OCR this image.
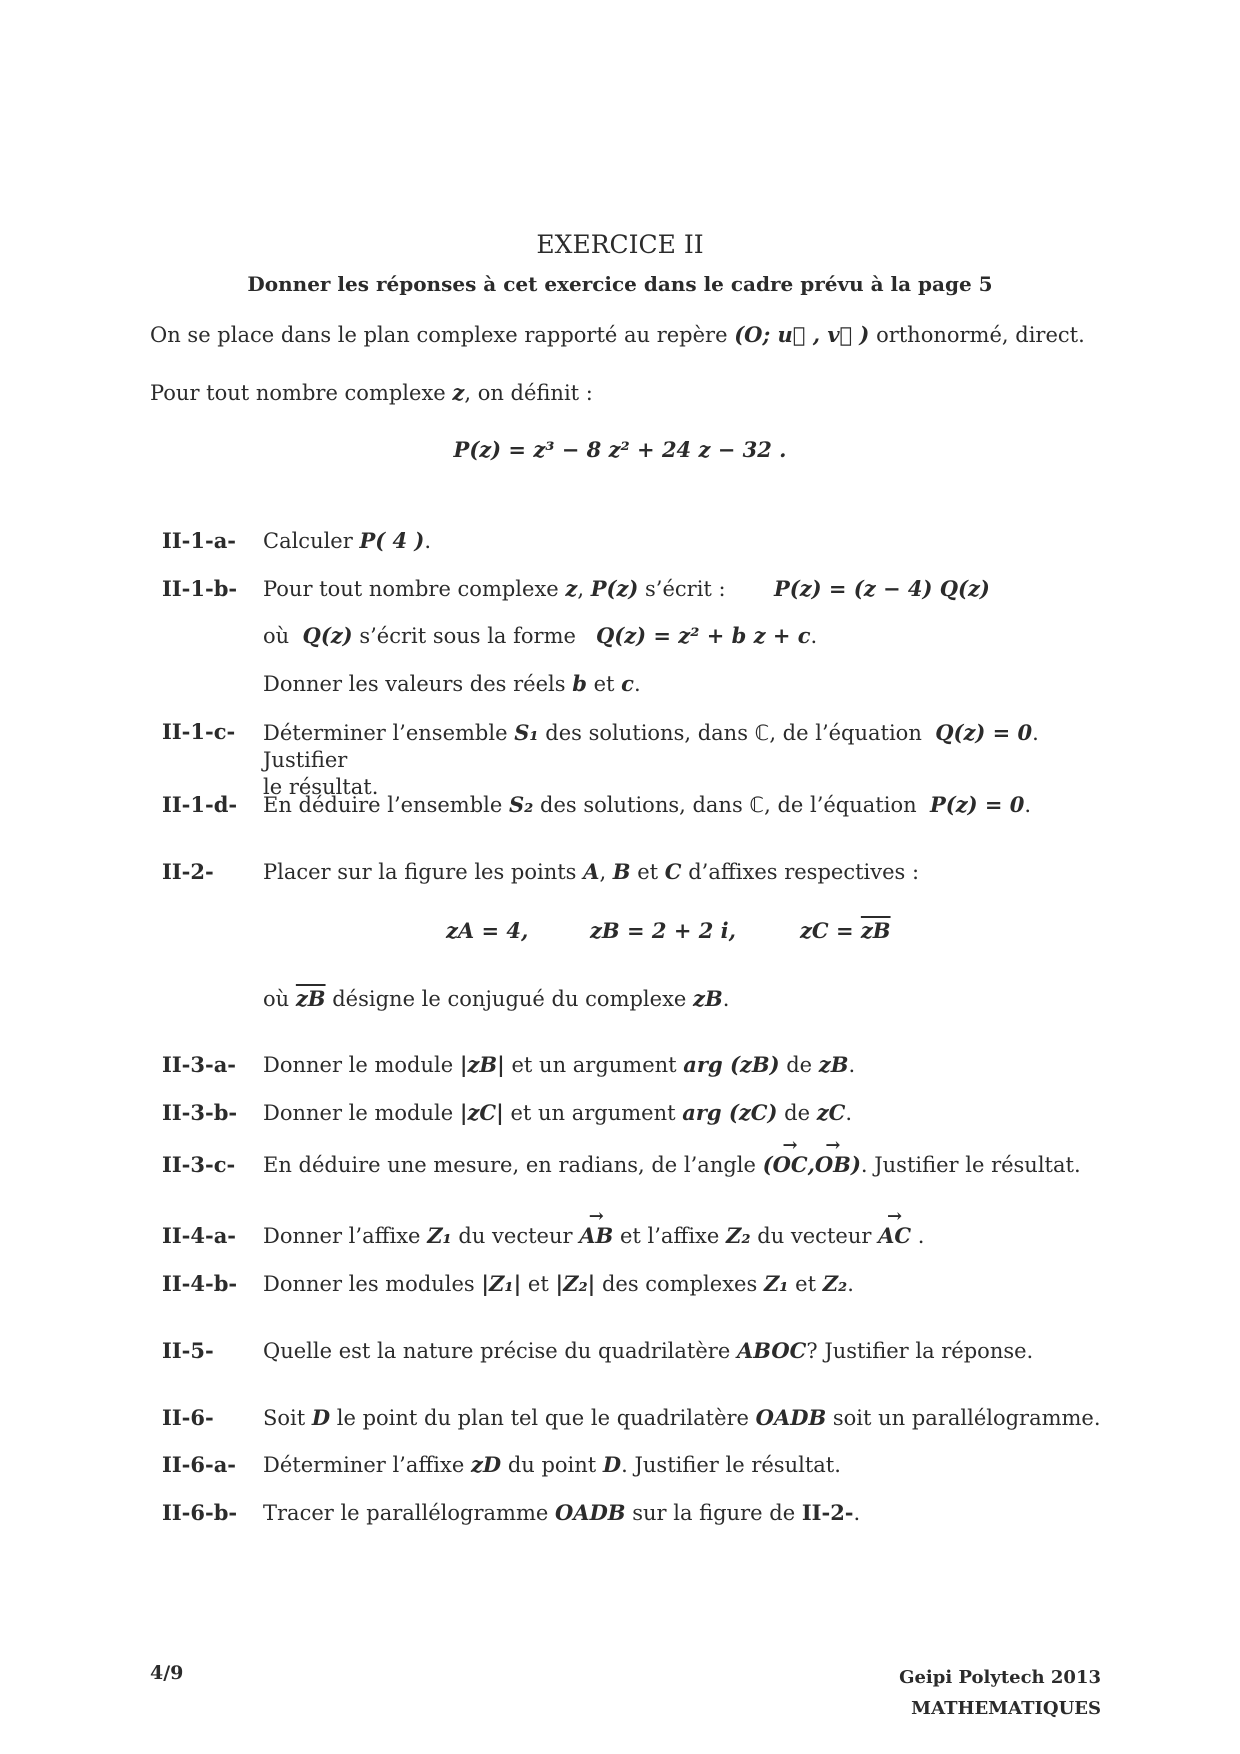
EXERCICE II
Donner les réponses à cet exercice dans le cadre prévu à la page 5
On se place dans le plan complexe rapporté au repère (O; u⃗ , v⃗ ) orthonormé, direct.
Pour tout nombre complexe z, on définit :
P(z) = z³ − 8 z² + 24 z − 32 .
II-1-a- Calculer P( 4 ).
II-1-b- Pour tout nombre complexe z, P(z) s’écrit : P(z) = (z − 4) Q(z)
où Q(z) s’écrit sous la forme Q(z) = z² + b z + c.
Donner les valeurs des réels b et c.
II-1-c- Déterminer l’ensemble S₁ des solutions, dans ℂ, de l’équation Q(z) = 0. Justifier
le résultat.
II-1-d- En déduire l’ensemble S₂ des solutions, dans ℂ, de l’équation P(z) = 0.
II-2- Placer sur la figure les points A, B et C d’affixes respectives :
zA = 4,	zB = 2 + 2 i,	zC = $\overline{zB}$
où $\overline{zB}$ désigne le conjugué du complexe zB.
II-3-a- Donner le module |zB| et un argument arg (zB) de zB.
II-3-b- Donner le module |zC| et un argument arg (zC) de zC.
II-3-c- En déduire une mesure, en radians, de l’angle (→ OC,→ OB). Justifier le résultat.
II-4-a- Donner l’affixe Z₁ du vecteur → AB et l’affixe Z₂ du vecteur → AC .
II-4-b- Donner les modules |Z₁| et |Z₂| des complexes Z₁ et Z₂.
II-5- Quelle est la nature précise du quadrilatère ABOC? Justifier la réponse.
II-6- Soit D le point du plan tel que le quadrilatère OADB soit un parallélogramme.
II-6-a- Déterminer l’affixe zD du point D. Justifier le résultat.
II-6-b- Tracer le parallélogramme OADB sur la figure de II-2-.
4/9	Geipi Polytech 2013
MATHEMATIQUES
